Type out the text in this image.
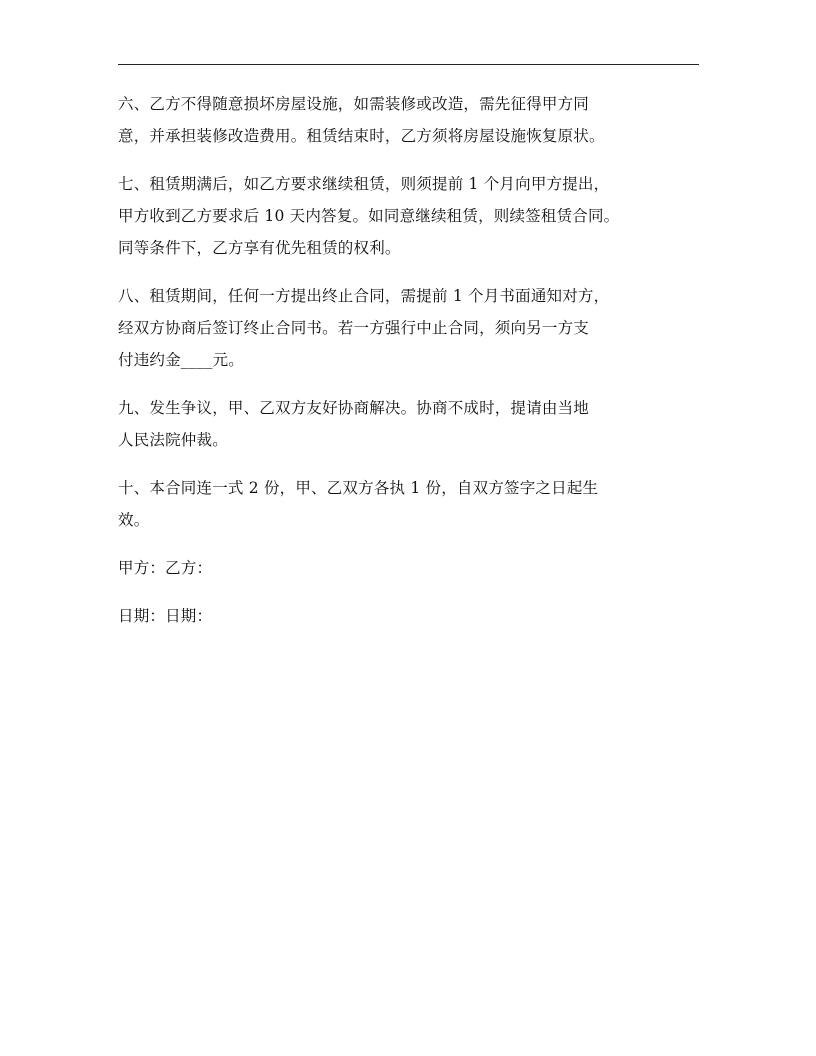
六、乙方不得随意损坏房屋设施，如需装修或改造，需先征得甲方同
意，并承担装修改造费用。租赁结束时，乙方须将房屋设施恢复原状。
七、租赁期满后，如乙方要求继续租赁，则须提前 1 个月向甲方提出，
甲方收到乙方要求后 10 天内答复。如同意继续租赁，则续签租赁合同。
同等条件下，乙方享有优先租赁的权利。
八、租赁期间，任何一方提出终止合同，需提前 1 个月书面通知对方，
经双方协商后签订终止合同书。若一方强行中止合同，须向另一方支
付违约金____元。
九、发生争议，甲、乙双方友好协商解决。协商不成时，提请由当地
人民法院仲裁。
十、本合同连一式 2 份，甲、乙双方各执 1 份，自双方签字之日起生
效。
甲方：乙方：
日期：日期：
